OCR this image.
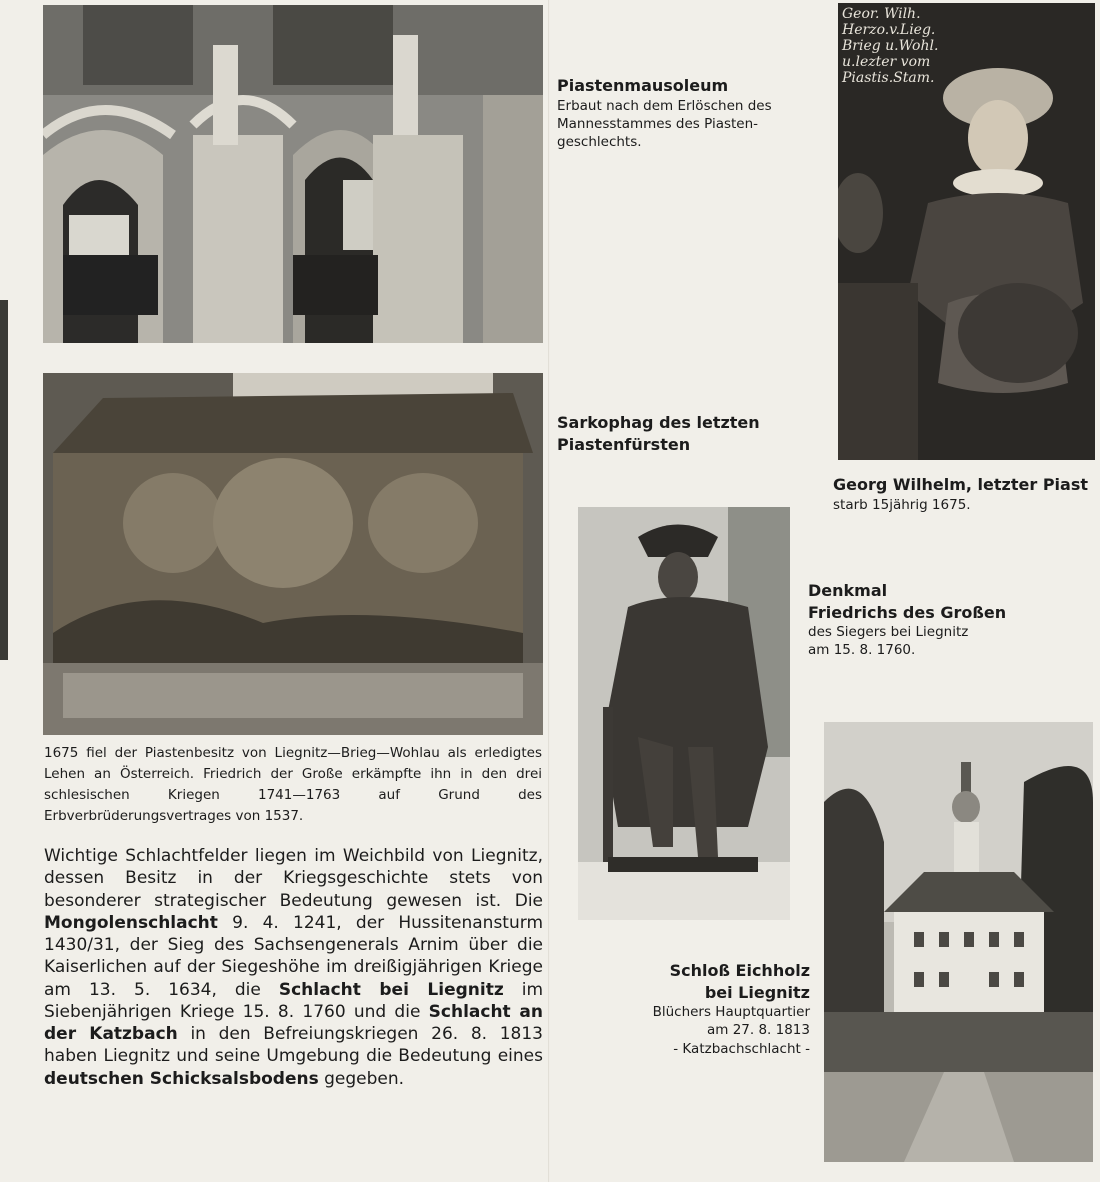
Geor. Wilh.
Herzo.v.Lieg.
Brieg u.Wohl.
u.lezter vom
Piastis.Stam.
Piastenmausoleum
Erbaut nach dem Erlöschen des
Mannesstammes des Piasten-
geschlechts.
Sarkophag des letzten
Piastenfürsten
Georg Wilhelm, letzter Piast
starb 15jährig 1675.
Denkmal
Friedrichs des Großen
des Siegers bei Liegnitz
am 15. 8. 1760.
Schloß Eichholz
bei Liegnitz
Blüchers Hauptquartier
am 27. 8. 1813
- Katzbachschlacht -
1675 fiel der Piastenbesitz von Liegnitz—Brieg—Wohlau als erledigtes Lehen an Österreich. Friedrich der Große erkämpfte ihn in den drei schlesischen Kriegen 1741—1763 auf Grund des Erbverbrüderungsvertrages von 1537.
Wichtige Schlachtfelder liegen im Weichbild von Liegnitz, dessen Besitz in der Kriegsgeschichte stets von besonderer strategischer Bedeutung gewesen ist. Die Mongolenschlacht 9. 4. 1241, der Hussitenansturm 1430/31, der Sieg des Sachsengenerals Arnim über die Kaiserlichen auf der Siegeshöhe im dreißigjährigen Kriege am 13. 5. 1634, die Schlacht bei Liegnitz im Siebenjährigen Kriege 15. 8. 1760 und die Schlacht an der Katzbach in den Befreiungskriegen 26. 8. 1813 haben Liegnitz und seine Umgebung die Bedeutung eines deutschen Schicksalsbodens gegeben.
